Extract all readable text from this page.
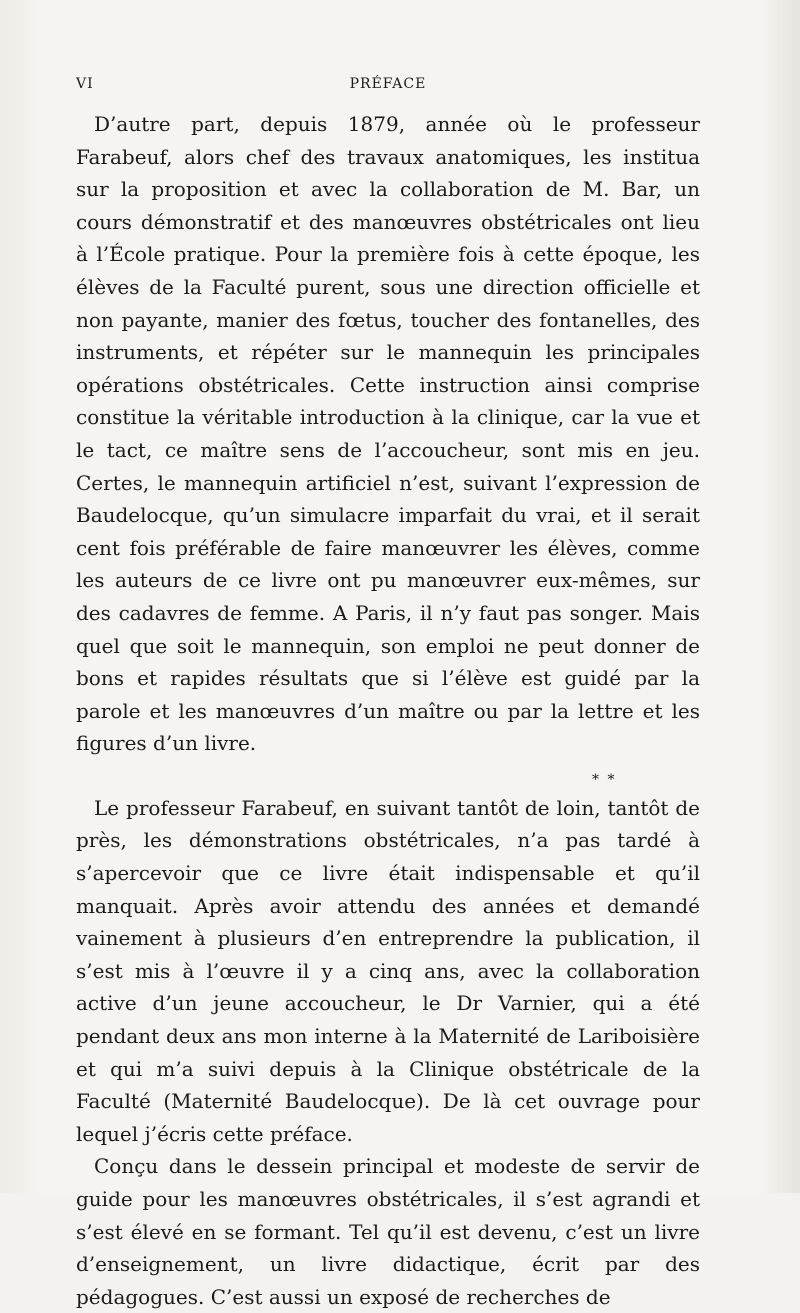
VI	PRÉFACE

D’autre part, depuis 1879, année où le professeur Farabeuf, alors chef des travaux anatomiques, les institua sur la proposition et avec la collaboration de M. Bar, un cours démonstratif et des manœuvres obstétricales ont lieu à l’École pratique. Pour la première fois à cette époque, les élèves de la Faculté purent, sous une direction officielle et non payante, manier des fœtus, toucher des fontanelles, des instruments, et répéter sur le mannequin les principales opérations obstétricales. Cette instruction ainsi comprise constitue la véritable introduction à la clinique, car la vue et le tact, ce maître sens de l’accoucheur, sont mis en jeu. Certes, le mannequin artificiel n’est, suivant l’expression de Baudelocque, qu’un simulacre imparfait du vrai, et il serait cent fois préférable de faire manœuvrer les élèves, comme les auteurs de ce livre ont pu manœuvrer eux-mêmes, sur des cadavres de femme. A Paris, il n’y faut pas songer. Mais quel que soit le mannequin, son emploi ne peut donner de bons et rapides résultats que si l’élève est guidé par la parole et les manœuvres d’un maître ou par la lettre et les figures d’un livre.

* *

Le professeur Farabeuf, en suivant tantôt de loin, tantôt de près, les démonstrations obstétricales, n’a pas tardé à s’apercevoir que ce livre était indispensable et qu’il manquait. Après avoir attendu des années et demandé vainement à plusieurs d’en entreprendre la publication, il s’est mis à l’œuvre il y a cinq ans, avec la collaboration active d’un jeune accoucheur, le Dr Varnier, qui a été pendant deux ans mon interne à la Maternité de Lariboisière et qui m’a suivi depuis à la Clinique obstétricale de la Faculté (Maternité Baudelocque). De là cet ouvrage pour lequel j’écris cette préface.

Conçu dans le dessein principal et modeste de servir de guide pour les manœuvres obstétricales, il s’est agrandi et s’est élevé en se formant. Tel qu’il est devenu, c’est un livre d’enseignement, un livre didactique, écrit par des pédagogues. C’est aussi un exposé de recherches de
